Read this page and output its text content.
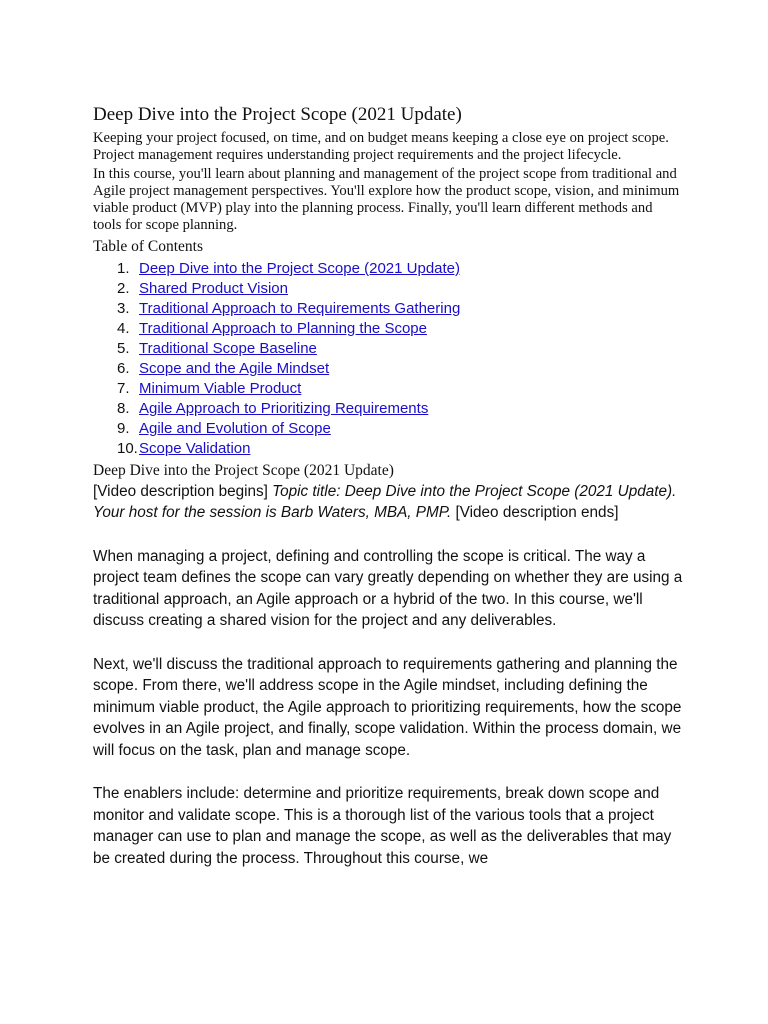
Deep Dive into the Project Scope (2021 Update)

Keeping your project focused, on time, and on budget means keeping a close eye on project scope. Project management requires understanding project requirements and the project lifecycle.

In this course, you'll learn about planning and management of the project scope from traditional and Agile project management perspectives. You'll explore how the product scope, vision, and minimum viable product (MVP) play into the planning process. Finally, you'll learn different methods and tools for scope planning.

Table of Contents
1. Deep Dive into the Project Scope (2021 Update)
2. Shared Product Vision
3. Traditional Approach to Requirements Gathering
4. Traditional Approach to Planning the Scope
5. Traditional Scope Baseline
6. Scope and the Agile Mindset
7. Minimum Viable Product
8. Agile Approach to Prioritizing Requirements
9. Agile and Evolution of Scope
10. Scope Validation
Deep Dive into the Project Scope (2021 Update)

[Video description begins] Topic title: Deep Dive into the Project Scope (2021 Update). Your host for the session is Barb Waters, MBA, PMP. [Video description ends]

When managing a project, defining and controlling the scope is critical. The way a project team defines the scope can vary greatly depending on whether they are using a traditional approach, an Agile approach or a hybrid of the two. In this course, we'll discuss creating a shared vision for the project and any deliverables.

Next, we'll discuss the traditional approach to requirements gathering and planning the scope. From there, we'll address scope in the Agile mindset, including defining the minimum viable product, the Agile approach to prioritizing requirements, how the scope evolves in an Agile project, and finally, scope validation. Within the process domain, we will focus on the task, plan and manage scope.

The enablers include: determine and prioritize requirements, break down scope and monitor and validate scope. This is a thorough list of the various tools that a project manager can use to plan and manage the scope, as well as the deliverables that may be created during the process. Throughout this course, we
